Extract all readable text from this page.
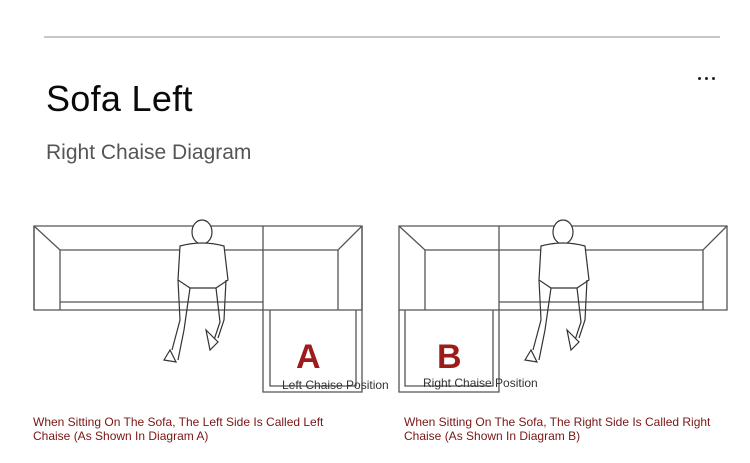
Sofa Left
Right Chaise Diagram
A
Left Chaise Position
B
Right Chaise Position

When Sitting On The Sofa, The Left Side Is Called Left Chaise (As Shown In Diagram A)

When Sitting On The Sofa, The Right Side Is Called Right Chaise (As Shown In Diagram B)
